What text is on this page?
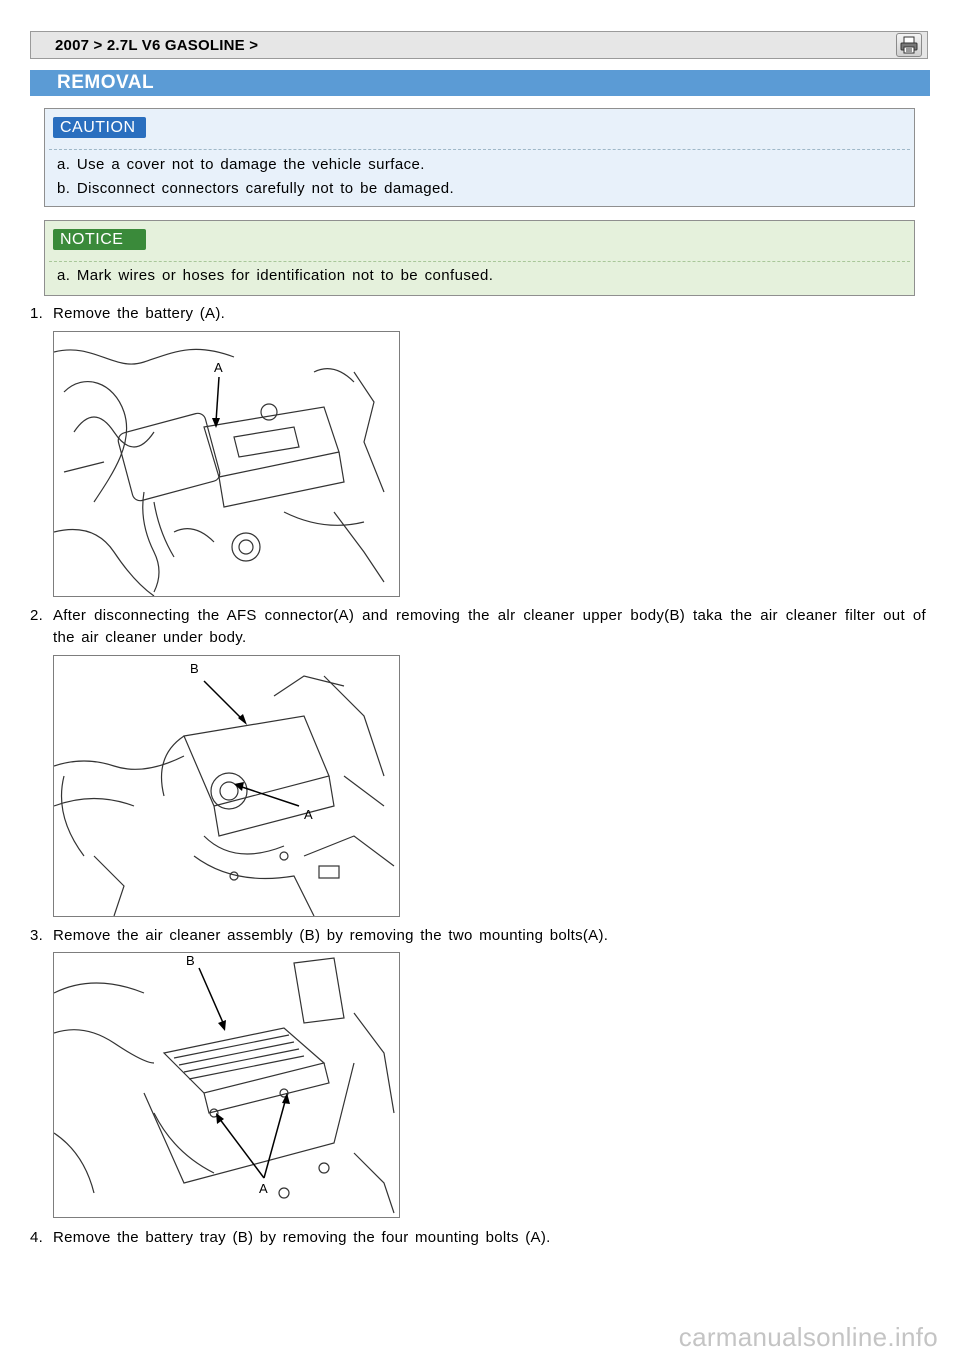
2007 > 2.7L V6 GASOLINE >
REMOVAL
CAUTION
a. Use a cover not to damage the vehicle surface.
b. Disconnect connectors carefully not to be damaged.
NOTICE
a. Mark wires or hoses for identification not to be confused.
1. Remove the battery (A).
A
2. After disconnecting the AFS connector(A) and removing the alr cleaner upper body(B) taka the air cleaner filter out of the air cleaner under body.
B
A
3. Remove the air cleaner assembly (B) by removing the two mounting bolts(A).
B
A
4. Remove the battery tray (B) by removing the four mounting bolts (A).
carmanualsonline.info
